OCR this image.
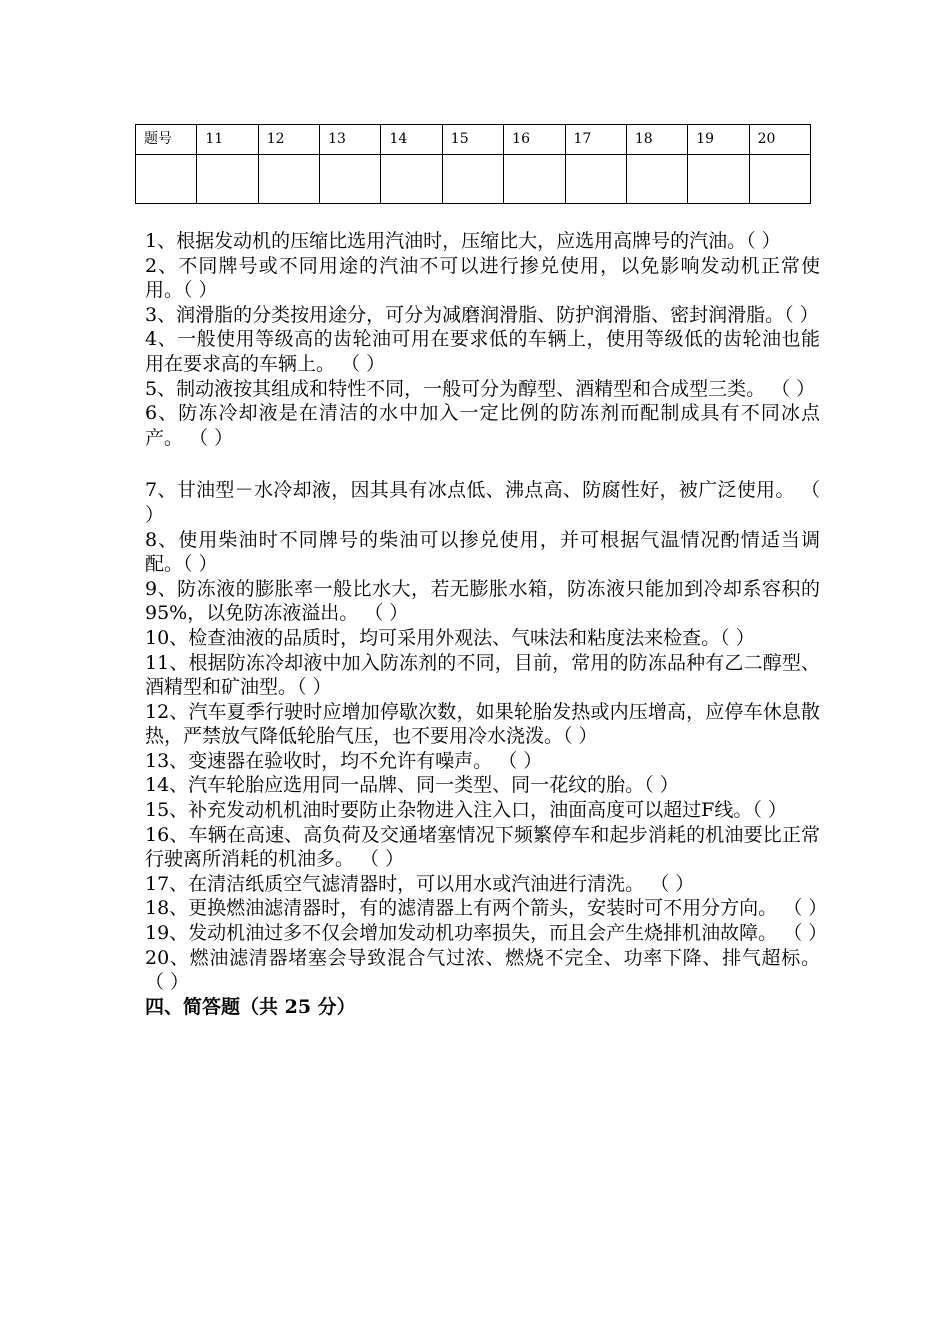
题号	11	12	13	14	15	16	17	18	19	20

1、根据发动机的压缩比选用汽油时，压缩比大，应选用高牌号的汽油。（ ）

2、不同牌号或不同用途的汽油不可以进行掺兑使用，以免影响发动机正常使用。（ ）

3、润滑脂的分类按用途分，可分为减磨润滑脂、防护润滑脂、密封润滑脂。（ ）

4、一般使用等级高的齿轮油可用在要求低的车辆上，使用等级低的齿轮油也能用在要求高的车辆上。 （ ）

5、制动液按其组成和特性不同，一般可分为醇型、酒精型和合成型三类。 （ ）

6、防冻冷却液是在清洁的水中加入一定比例的防冻剂而配制成具有不同冰点产。 （ ）

7、甘油型－水冷却液，因其具有冰点低、沸点高、防腐性好，被广泛使用。 （ ）

8、使用柴油时不同牌号的柴油可以掺兑使用，并可根据气温情况酌情适当调配。（ ）

9、防冻液的膨胀率一般比水大，若无膨胀水箱，防冻液只能加到冷却系容积的95%，以免防冻液溢出。 （ ）

10、检查油液的品质时，均可采用外观法、气味法和粘度法来检查。（ ）

11、根据防冻冷却液中加入防冻剂的不同，目前，常用的防冻品种有乙二醇型、酒精型和矿油型。（ ）

12、汽车夏季行驶时应增加停歇次数，如果轮胎发热或内压增高，应停车休息散热，严禁放气降低轮胎气压，也不要用冷水浇泼。（ ）

13、变速器在验收时，均不允许有噪声。 （ ）

14、汽车轮胎应选用同一品牌、同一类型、同一花纹的胎。（ ）

15、补充发动机机油时要防止杂物进入注入口，油面高度可以超过F线。（ ）

16、车辆在高速、高负荷及交通堵塞情况下频繁停车和起步消耗的机油要比正常行驶离所消耗的机油多。 （ ）

17、在清洁纸质空气滤清器时，可以用水或汽油进行清洗。 （ ）

18、更换燃油滤清器时，有的滤清器上有两个箭头，安装时可不用分方向。 （ ）

19、发动机油过多不仅会增加发动机功率损失，而且会产生烧排机油故障。 （ ）

20、燃油滤清器堵塞会导致混合气过浓、燃烧不完全、功率下降、排气超标。 （ ）

四、简答题（共 25 分）
